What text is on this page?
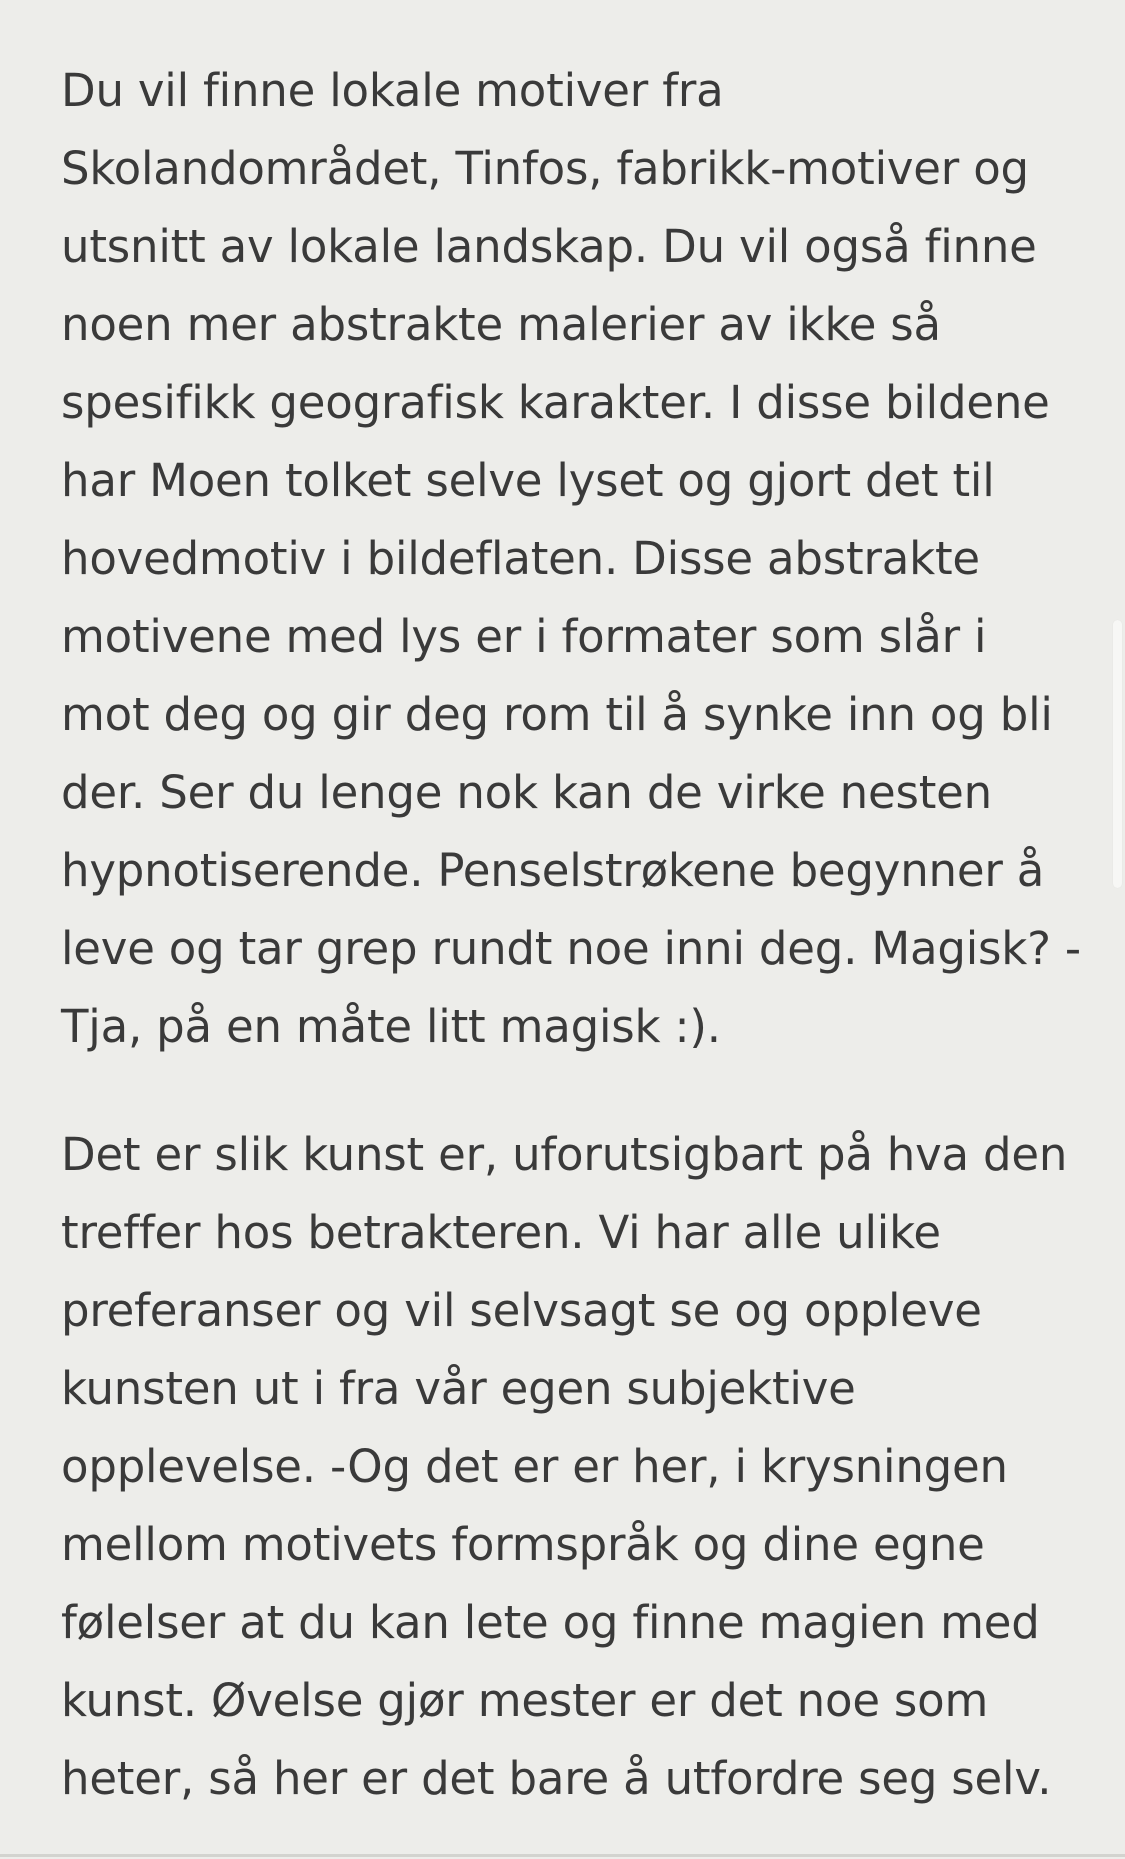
Du vil finne lokale motiver fra
Skolandområdet, Tinfos, fabrikk-motiver og
utsnitt av lokale landskap. Du vil også finne
noen mer abstrakte malerier av ikke så
spesifikk geografisk karakter. I disse bildene
har Moen tolket selve lyset og gjort det til
hovedmotiv i bildeflaten. Disse abstrakte
motivene med lys er i formater som slår i
mot deg og gir deg rom til å synke inn og bli
der. Ser du lenge nok kan de virke nesten
hypnotiserende. Penselstrøkene begynner å
leve og tar grep rundt noe inni deg. Magisk? -
Tja, på en måte litt magisk :).

Det er slik kunst er, uforutsigbart på hva den
treffer hos betrakteren. Vi har alle ulike
preferanser og vil selvsagt se og oppleve
kunsten ut i fra vår egen subjektive
opplevelse. -Og det er er her, i krysningen
mellom motivets formspråk og dine egne
følelser at du kan lete og finne magien med
kunst. Øvelse gjør mester er det noe som
heter, så her er det bare å utfordre seg selv.
